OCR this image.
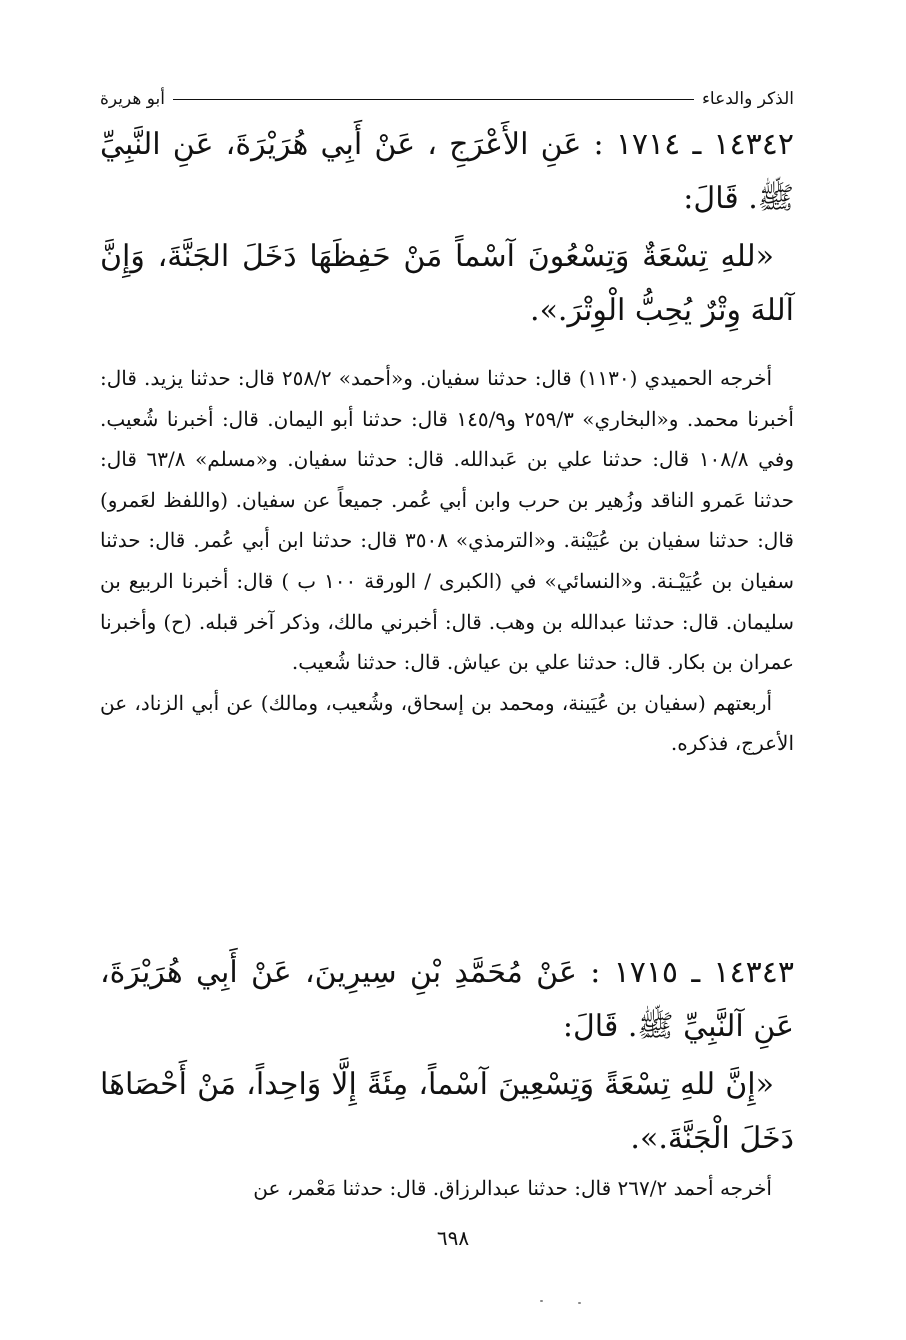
الذكر والدعاء
أبو هريرة

١٤٣٤٢ ـ ١٧١٤ : عَنِ الأَعْرَجِ ، عَنْ أَبِي هُرَيْرَةَ، عَنِ النَّبِيِّ ﷺ. قَالَ:

«للهِ تِسْعَةٌ وَتِسْعُونَ آسْماً مَنْ حَفِظَهَا دَخَلَ الجَنَّةَ، وَإِنَّ آللهَ وِتْرٌ يُحِبُّ الْوِتْرَ.».

أخرجه الحميدي (١١٣٠) قال: حدثنا سفيان. و«أحمد» ٢٥٨/٢ قال: حدثنا يزيد. قال: أخبرنا محمد. و«البخاري» ٢٥٩/٣ و١٤٥/٩ قال: حدثنا أبو اليمان. قال: أخبرنا شُعيب. وفي ١٠٨/٨ قال: حدثنا علي بن عَبدالله. قال: حدثنا سفيان. و«مسلم» ٦٣/٨ قال: حدثنا عَمرو الناقد وزُهير بن حرب وابن أبي عُمر. جميعاً عن سفيان. (واللفظ لعَمرو) قال: حدثنا سفيان بن عُيَيْنة. و«الترمذي» ٣٥٠٨ قال: حدثنا ابن أبي عُمر. قال: حدثنا سفيان بن عُيَيْـنة. و«النسائي» في (الكبرى / الورقة ١٠٠ ب ) قال: أخبرنا الربيع بن سليمان. قال: حدثنا عبدالله بن وهب. قال: أخبرني مالك، وذكر آخر قبله. (ح) وأخبرنا عمران بن بكار. قال: حدثنا علي بن عياش. قال: حدثنا شُعيب.

أربعتهم (سفيان بن عُيَينة، ومحمد بن إسحاق، وشُعيب، ومالك) عن أبي الزناد، عن الأعرج، فذكره.

١٤٣٤٣ ـ ١٧١٥ : عَنْ مُحَمَّدِ بْنِ سِيرِينَ، عَنْ أَبِي هُرَيْرَةَ، عَنِ آلنَّبِيِّ ﷺ. قَالَ:

«إِنَّ للهِ تِسْعَةً وَتِسْعِينَ آسْماً، مِئَةً إِلَّا وَاحِداً، مَنْ أَحْصَاهَا دَخَلَ الْجَنَّةَ.».

أخرجه أحمد ٢٦٧/٢ قال: حدثنا عبدالرزاق. قال: حدثنا مَعْمر، عن

٦٩٨
